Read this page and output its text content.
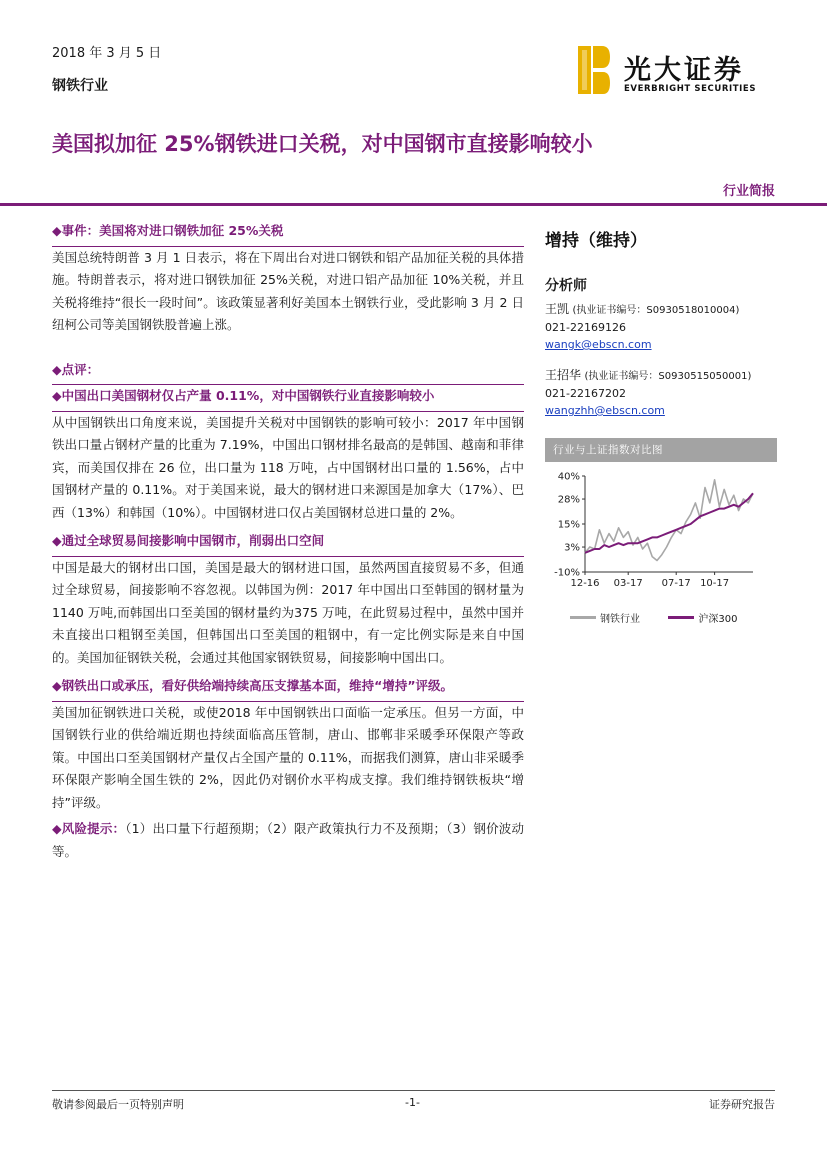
2018 年 3 月 5 日
钢铁行业	光大证券
EVERBRIGHT SECURITIES
美国拟加征 25%钢铁进口关税，对中国钢市直接影响较小
行业简报

◆事件：美国将对进口钢铁加征 25%关税

美国总统特朗普 3 月 1 日表示，将在下周出台对进口钢铁和铝产品加征关税的具体措施。特朗普表示，将对进口钢铁加征 25%关税，对进口铝产品加征 10%关税，并且关税将维持“很长一段时间”。该政策显著利好美国本土钢铁行业，受此影响 3 月 2 日纽柯公司等美国钢铁股普遍上涨。

◆点评：

◆中国出口美国钢材仅占产量 0.11%，对中国钢铁行业直接影响较小

从中国钢铁出口角度来说，美国提升关税对中国钢铁的影响可较小：2017 年中国钢铁出口量占钢材产量的比重为 7.19%，中国出口钢材排名最高的是韩国、越南和菲律宾，而美国仅排在 26 位，出口量为 118 万吨，占中国钢材出口量的 1.56%，占中国钢材产量的 0.11%。对于美国来说，最大的钢材进口来源国是加拿大（17%）、巴西（13%）和韩国（10%）。中国钢材进口仅占美国钢材总进口量的 2%。

◆通过全球贸易间接影响中国钢市，削弱出口空间

中国是最大的钢材出口国，美国是最大的钢材进口国，虽然两国直接贸易不多，但通过全球贸易，间接影响不容忽视。以韩国为例：2017 年中国出口至韩国的钢材量为1140 万吨,而韩国出口至美国的钢材量约为375 万吨，在此贸易过程中，虽然中国并未直接出口粗钢至美国，但韩国出口至美国的粗钢中，有一定比例实际是来自中国的。美国加征钢铁关税，会通过其他国家钢铁贸易，间接影响中国出口。

◆钢铁出口或承压，看好供给端持续高压支撑基本面，维持“增持”评级。

美国加征钢铁进口关税，或使2018 年中国钢铁出口面临一定承压。但另一方面，中国钢铁行业的供给端近期也持续面临高压管制，唐山、邯郸非采暖季环保限产等政策。中国出口至美国钢材产量仅占全国产量的 0.11%，而据我们测算，唐山非采暖季环保限产影响全国生铁的 2%，因此仍对钢价水平构成支撑。我们维持钢铁板块“增持”评级。

◆风险提示：（1）出口量下行超预期；（2）限产政策执行力不及预期；（3）钢价波动等。

增持（维持）
分析师
王凯 (执业证书编号：S0930518010004)
021-22169126
wangk@ebscn.com
王招华 (执业证书编号：S0930515050001)
021-22167202
wangzhh@ebscn.com
行业与上证指数对比图
40%
28%
15%
3%
-10%
12-16 03-17 07-17 10-17
钢铁行业	沪深300
敬请参阅最后一页特别声明	-1-	证券研究报告
